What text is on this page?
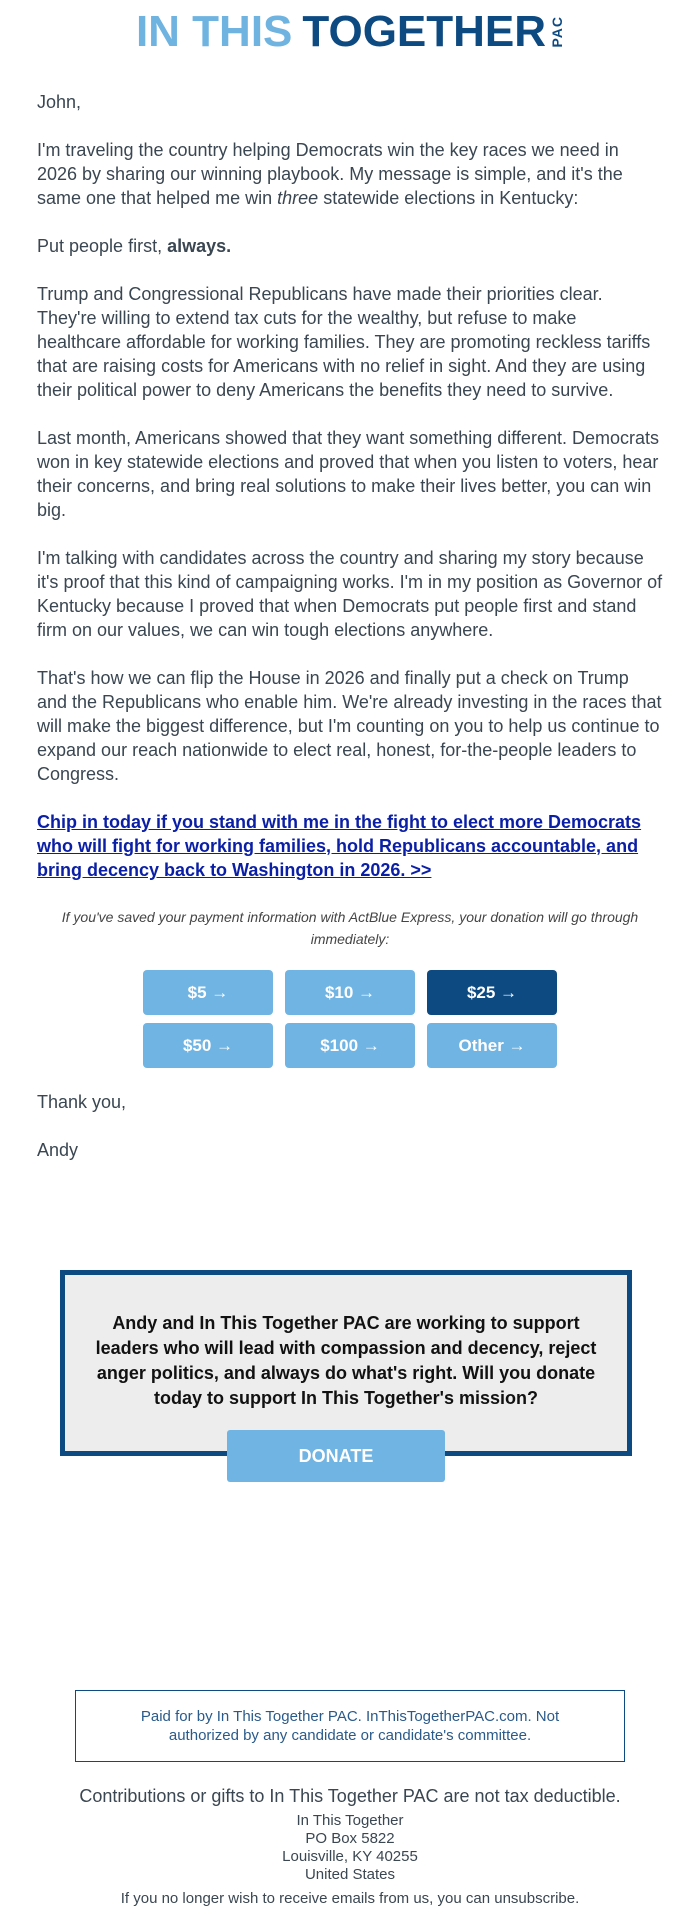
IN THIS TOGETHER PAC

John,

I'm traveling the country helping Democrats win the key races we need in 2026 by sharing our winning playbook. My message is simple, and it's the same one that helped me win three statewide elections in Kentucky:

Put people first, always.

Trump and Congressional Republicans have made their priorities clear. They're willing to extend tax cuts for the wealthy, but refuse to make healthcare affordable for working families. They are promoting reckless tariffs that are raising costs for Americans with no relief in sight. And they are using their political power to deny Americans the benefits they need to survive.

Last month, Americans showed that they want something different. Democrats won in key statewide elections and proved that when you listen to voters, hear their concerns, and bring real solutions to make their lives better, you can win big.

I'm talking with candidates across the country and sharing my story because it's proof that this kind of campaigning works. I'm in my position as Governor of Kentucky because I proved that when Democrats put people first and stand firm on our values, we can win tough elections anywhere.

That's how we can flip the House in 2026 and finally put a check on Trump and the Republicans who enable him. We're already investing in the races that will make the biggest difference, but I'm counting on you to help us continue to expand our reach nationwide to elect real, honest, for-the-people leaders to Congress.

Chip in today if you stand with me in the fight to elect more Democrats who will fight for working families, hold Republicans accountable, and bring decency back to Washington in 2026. >>

If you've saved your payment information with ActBlue Express, your donation will go through immediately:

$5 →	$10 →	$25 →
$50 →	$100 →	Other →

Thank you,

Andy

Andy and In This Together PAC are working to support leaders who will lead with compassion and decency, reject anger politics, and always do what's right. Will you donate today to support In This Together's mission?
DONATE
Paid for by In This Together PAC. InThisTogetherPAC.com. Not authorized by any candidate or candidate's committee.
Contributions or gifts to In This Together PAC are not tax deductible.
In This Together
PO Box 5822
Louisville, KY 40255
United States
If you no longer wish to receive emails from us, you can unsubscribe.
